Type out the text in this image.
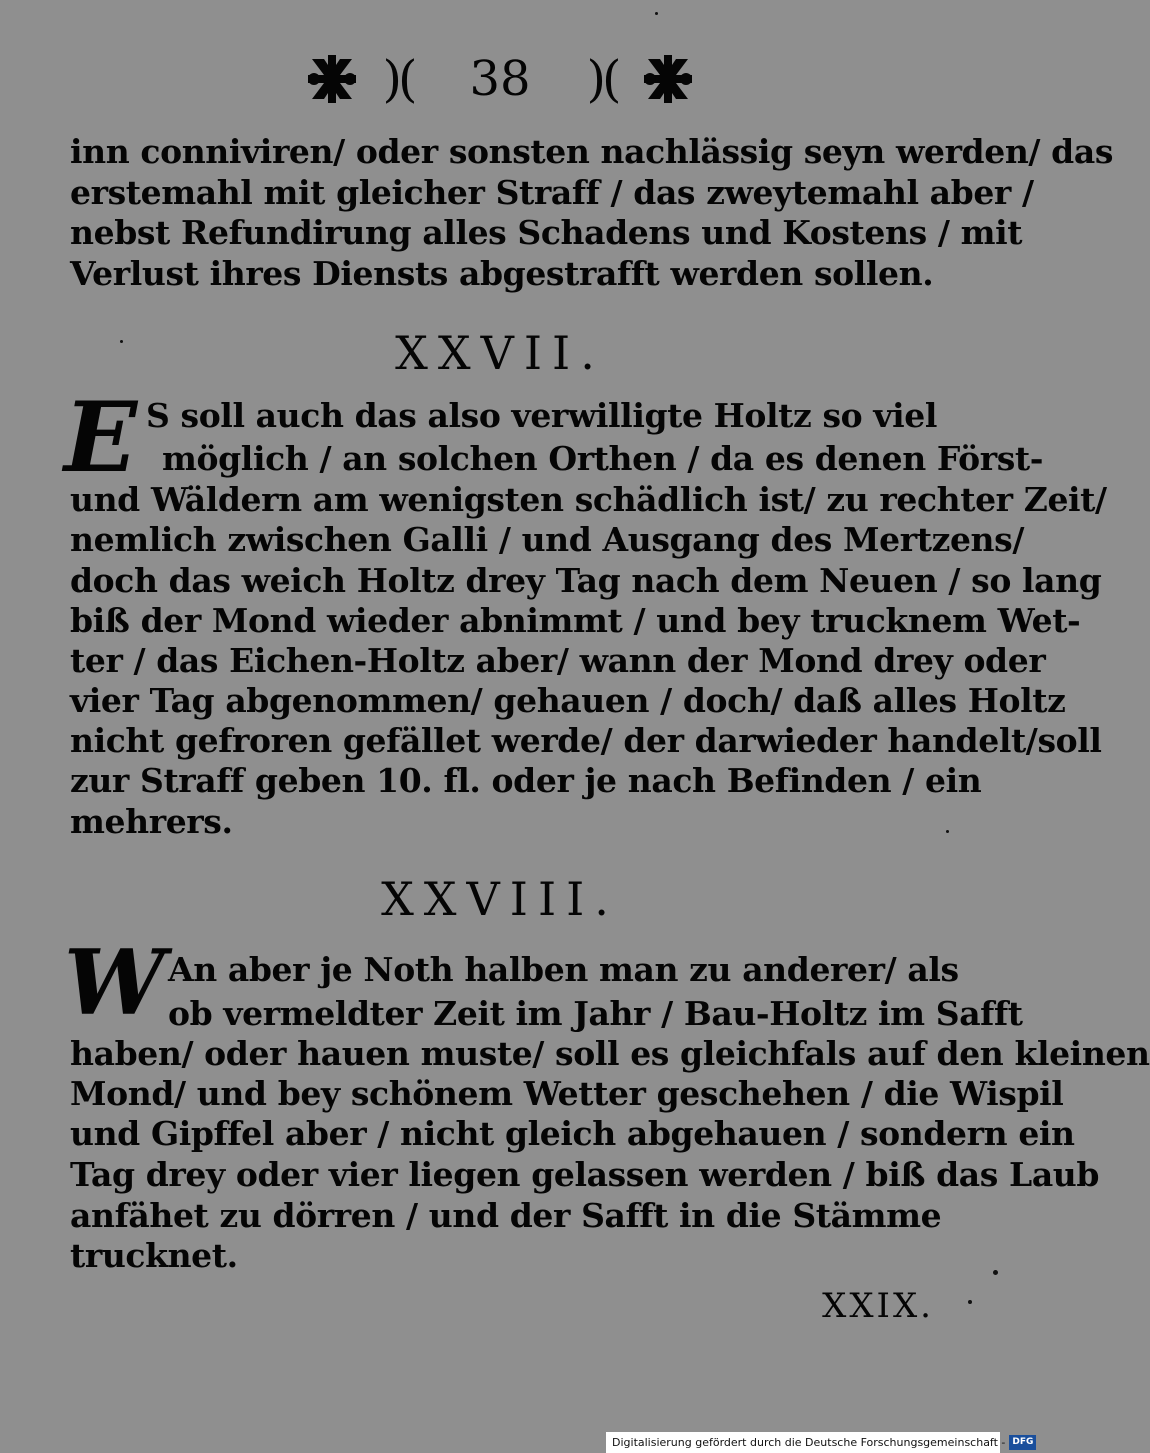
)( 38 )(
inn conniviren/ oder sonsten nachlässig seyn werden/ das
erstemahl mit gleicher Straff / das zweytemahl aber /
nebst Refundirung alles Schadens und Kostens / mit
Verlust ihres Diensts abgestrafft werden sollen.
XXVII.
E S soll auch das also verwilligte Holtz so viel
möglich / an solchen Orthen / da es denen Först-
und Wäldern am wenigsten schädlich ist/ zu rechter Zeit/
nemlich zwischen Galli / und Ausgang des Mertzens/
doch das weich Holtz drey Tag nach dem Neuen / so lang
biß der Mond wieder abnimmt / und bey trucknem Wet-
ter / das Eichen-Holtz aber/ wann der Mond drey oder
vier Tag abgenommen/ gehauen / doch/ daß alles Holtz
nicht gefroren gefället werde/ der darwieder handelt/soll
zur Straff geben 10. fl. oder je nach Befinden / ein
mehrers.
XXVIII.
W An aber je Noth halben man zu anderer/ als
ob vermeldter Zeit im Jahr / Bau-Holtz im Safft
haben/ oder hauen muste/ soll es gleichfals auf den kleinen
Mond/ und bey schönem Wetter geschehen / die Wispil
und Gipffel aber / nicht gleich abgehauen / sondern ein
Tag drey oder vier liegen gelassen werden / biß das Laub
anfähet zu dörren / und der Safft in die Stämme
trucknet.
XXIX.
Digitalisierung gefördert durch die Deutsche Forschungsgemeinschaft - DFG
